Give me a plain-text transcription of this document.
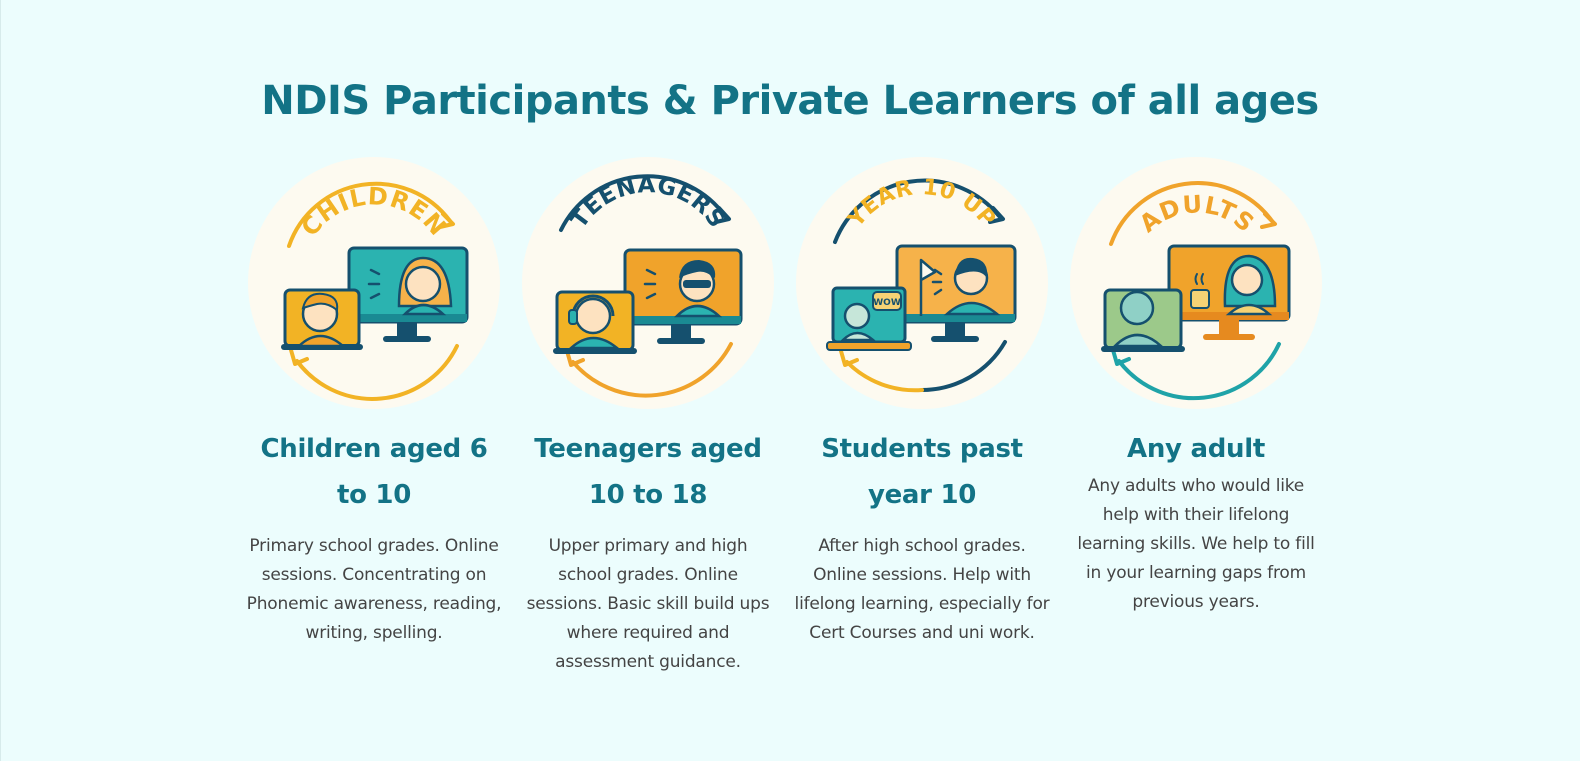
NDIS Participants & Private Learners of all ages
CHILDREN
Children aged 6 to 10
Primary school grades. Online sessions. Concentrating on Phonemic awareness, reading, writing, spelling.
TEENAGERS
Teenagers aged 10 to 18
Upper primary and high school grades. Online sessions. Basic skill build ups where required and assessment guidance.
YEAR 10 UP
WOW
Students past year 10
After high school grades. Online sessions. Help with lifelong learning, especially for Cert Courses and uni work.
ADULTS
Any adult
Any adults who would like help with their lifelong learning skills. We help to fill in your learning gaps from previous years.
